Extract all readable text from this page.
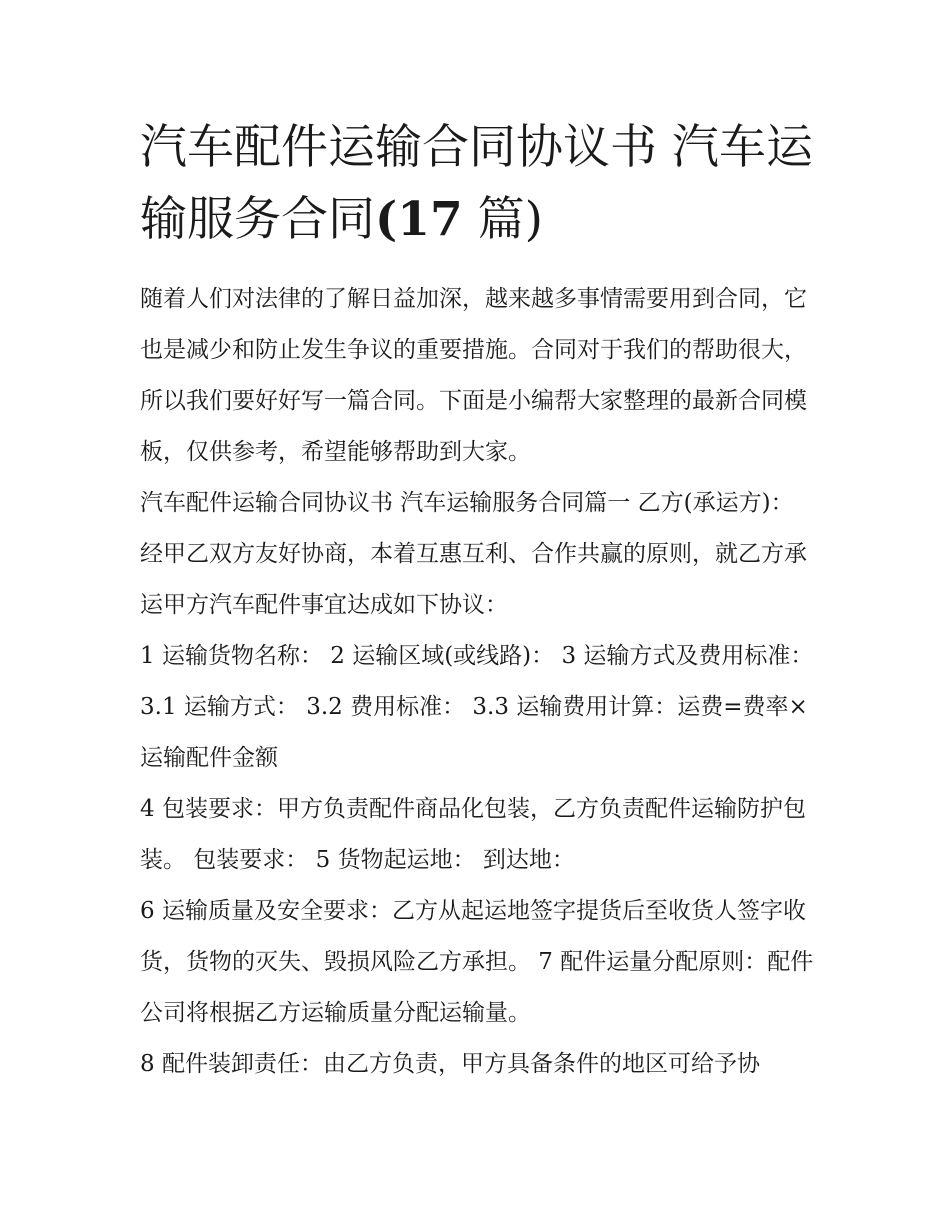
汽车配件运输合同协议书 汽车运输服务合同(17 篇)

随着人们对法律的了解日益加深，越来越多事情需要用到合同，它也是减少和防止发生争议的重要措施。合同对于我们的帮助很大，所以我们要好好写一篇合同。下面是小编帮大家整理的最新合同模板，仅供参考，希望能够帮助到大家。

汽车配件运输合同协议书 汽车运输服务合同篇一 乙方(承运方)： 经甲乙双方友好协商，本着互惠互利、合作共赢的原则，就乙方承运甲方汽车配件事宜达成如下协议：

1 运输货物名称： 2 运输区域(或线路)： 3 运输方式及费用标准： 3.1 运输方式： 3.2 费用标准： 3.3 运输费用计算：运费=费率×运输配件金额

4 包装要求：甲方负责配件商品化包装，乙方负责配件运输防护包装。 包装要求： 5 货物起运地： 到达地：

6 运输质量及安全要求：乙方从起运地签字提货后至收货人签字收货，货物的灭失、毁损风险乙方承担。 7 配件运量分配原则：配件公司将根据乙方运输质量分配运输量。

8 配件装卸责任：由乙方负责，甲方具备条件的地区可给予协
